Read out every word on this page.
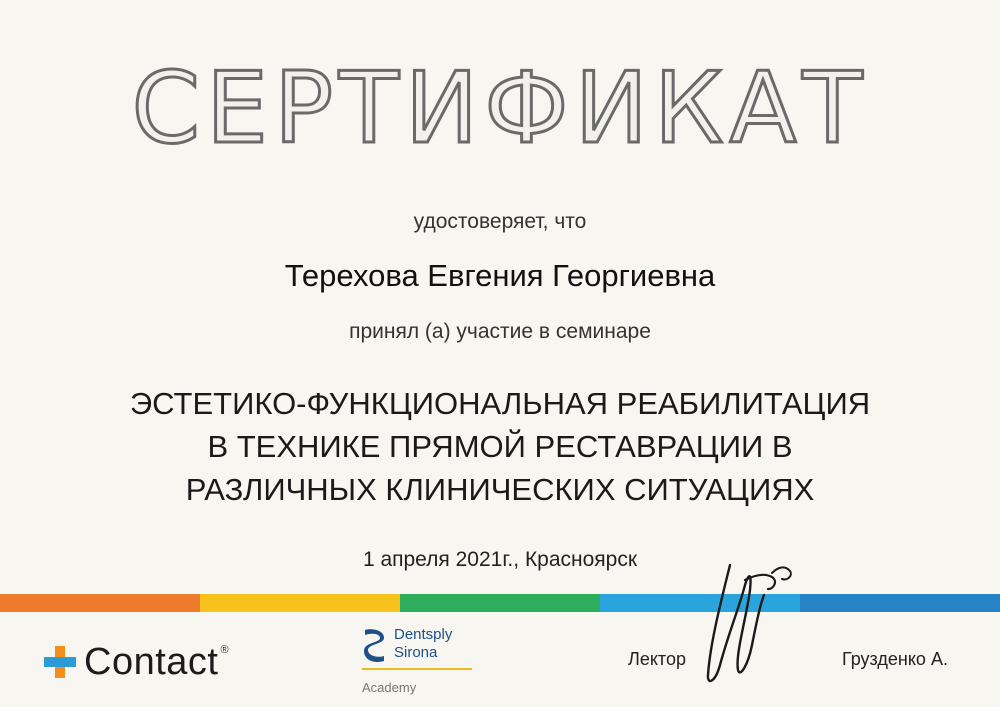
СЕРТИФИКАТ
удостоверяет, что
Терехова Евгения Георгиевна
принял (а) участие в семинаре
ЭСТЕТИКО-ФУНКЦИОНАЛЬНАЯ РЕАБИЛИТАЦИЯ
В ТЕХНИКЕ ПРЯМОЙ РЕСТАВРАЦИИ В
РАЗЛИЧНЫХ КЛИНИЧЕСКИХ СИТУАЦИЯХ
1 апреля 2021г., Красноярск
Contact ®
Dentsply
Sirona
Academy
Лектор	Грузденко А.
